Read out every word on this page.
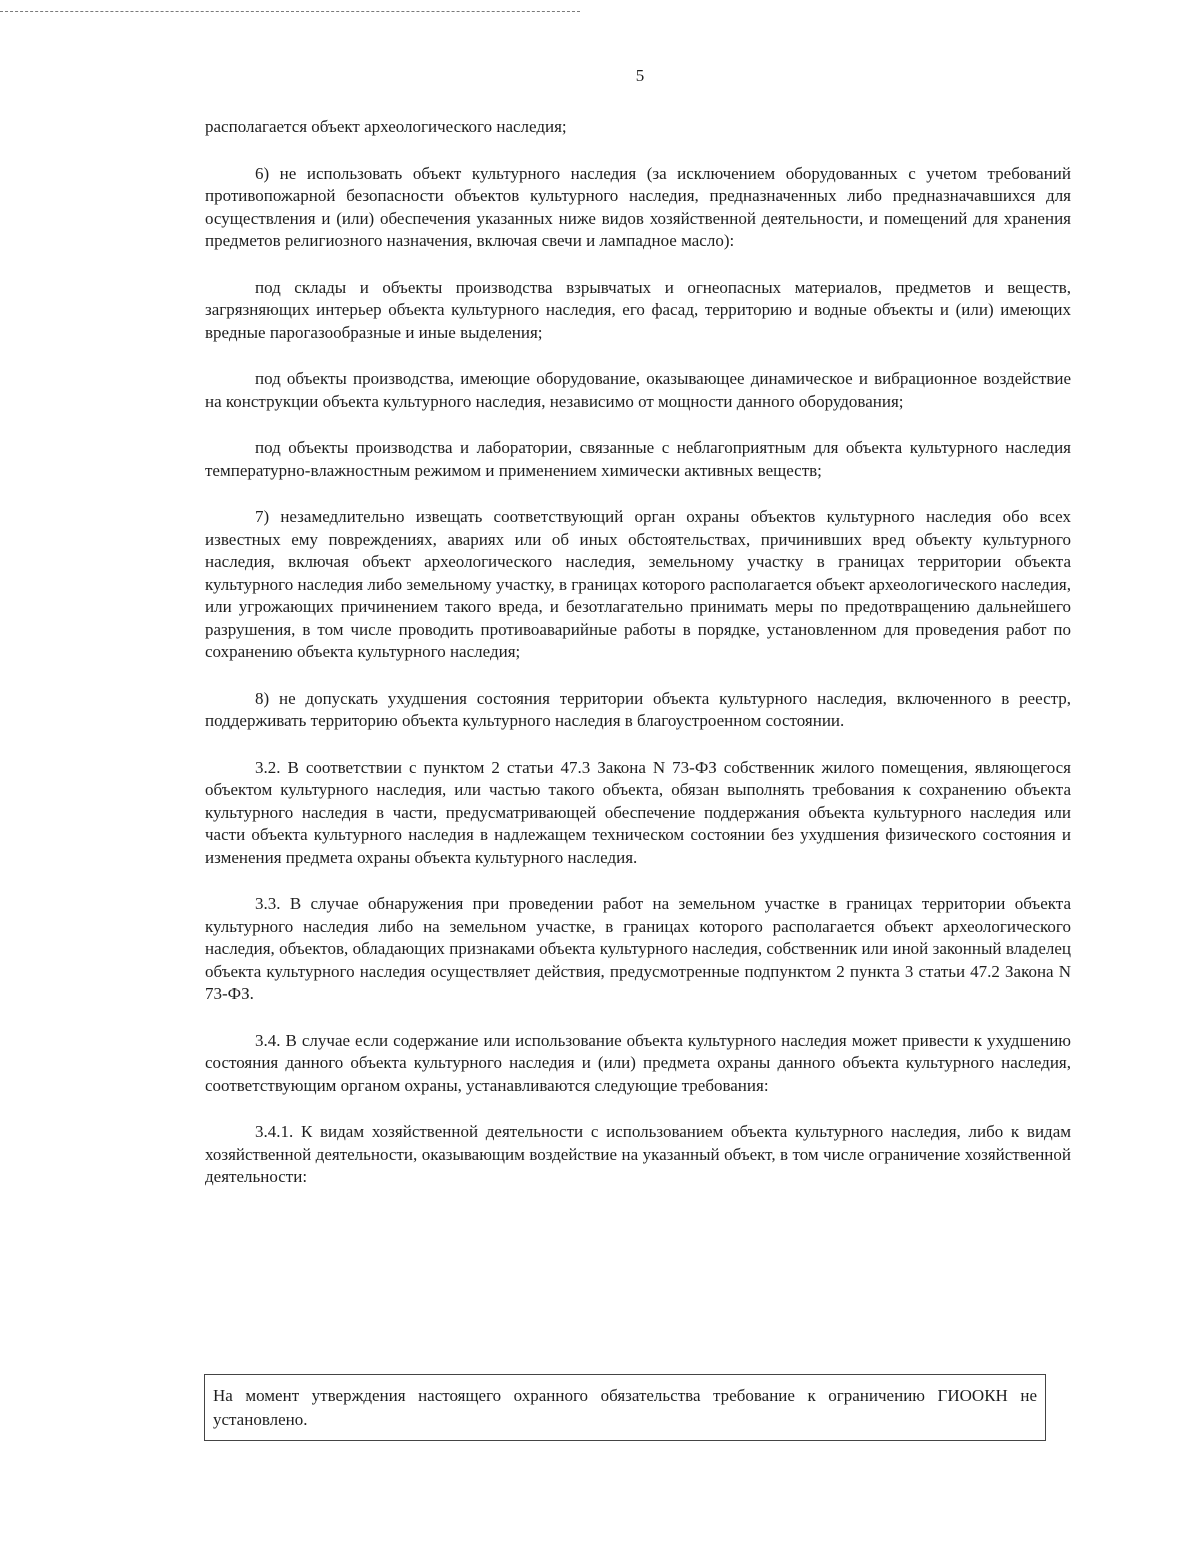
5

располагается объект археологического наследия;

6) не использовать объект культурного наследия (за исключением оборудованных с учетом требований противопожарной безопасности объектов культурного наследия, предназначенных либо предназначавшихся для осуществления и (или) обеспечения указанных ниже видов хозяйственной деятельности, и помещений для хранения предметов религиозного назначения, включая свечи и лампадное масло):

под склады и объекты производства взрывчатых и огнеопасных материалов, предметов и веществ, загрязняющих интерьер объекта культурного наследия, его фасад, территорию и водные объекты и (или) имеющих вредные парогазообразные и иные выделения;

под объекты производства, имеющие оборудование, оказывающее динамическое и вибрационное воздействие на конструкции объекта культурного наследия, независимо от мощности данного оборудования;

под объекты производства и лаборатории, связанные с неблагоприятным для объекта культурного наследия температурно-влажностным режимом и применением химически активных веществ;

7) незамедлительно извещать соответствующий орган охраны объектов культурного наследия обо всех известных ему повреждениях, авариях или об иных обстоятельствах, причинивших вред объекту культурного наследия, включая объект археологического наследия, земельному участку в границах территории объекта культурного наследия либо земельному участку, в границах которого располагается объект археологического наследия, или угрожающих причинением такого вреда, и безотлагательно принимать меры по предотвращению дальнейшего разрушения, в том числе проводить противоаварийные работы в порядке, установленном для проведения работ по сохранению объекта культурного наследия;

8) не допускать ухудшения состояния территории объекта культурного наследия, включенного в реестр, поддерживать территорию объекта культурного наследия в благоустроенном состоянии.

3.2. В соответствии с пунктом 2 статьи 47.3 Закона N 73-ФЗ собственник жилого помещения, являющегося объектом культурного наследия, или частью такого объекта, обязан выполнять требования к сохранению объекта культурного наследия в части, предусматривающей обеспечение поддержания объекта культурного наследия или части объекта культурного наследия в надлежащем техническом состоянии без ухудшения физического состояния и изменения предмета охраны объекта культурного наследия.

3.3. В случае обнаружения при проведении работ на земельном участке в границах территории объекта культурного наследия либо на земельном участке, в границах которого располагается объект археологического наследия, объектов, обладающих признаками объекта культурного наследия, собственник или иной законный владелец объекта культурного наследия осуществляет действия, предусмотренные подпунктом 2 пункта 3 статьи 47.2 Закона N 73-ФЗ.

3.4. В случае если содержание или использование объекта культурного наследия может привести к ухудшению состояния данного объекта культурного наследия и (или) предмета охраны данного объекта культурного наследия, соответствующим органом охраны, устанавливаются следующие требования:

3.4.1. К видам хозяйственной деятельности с использованием объекта культурного наследия, либо к видам хозяйственной деятельности, оказывающим воздействие на указанный объект, в том числе ограничение хозяйственной деятельности:

На момент утверждения настоящего охранного обязательства требование к ограничению ГИООКН не установлено.
